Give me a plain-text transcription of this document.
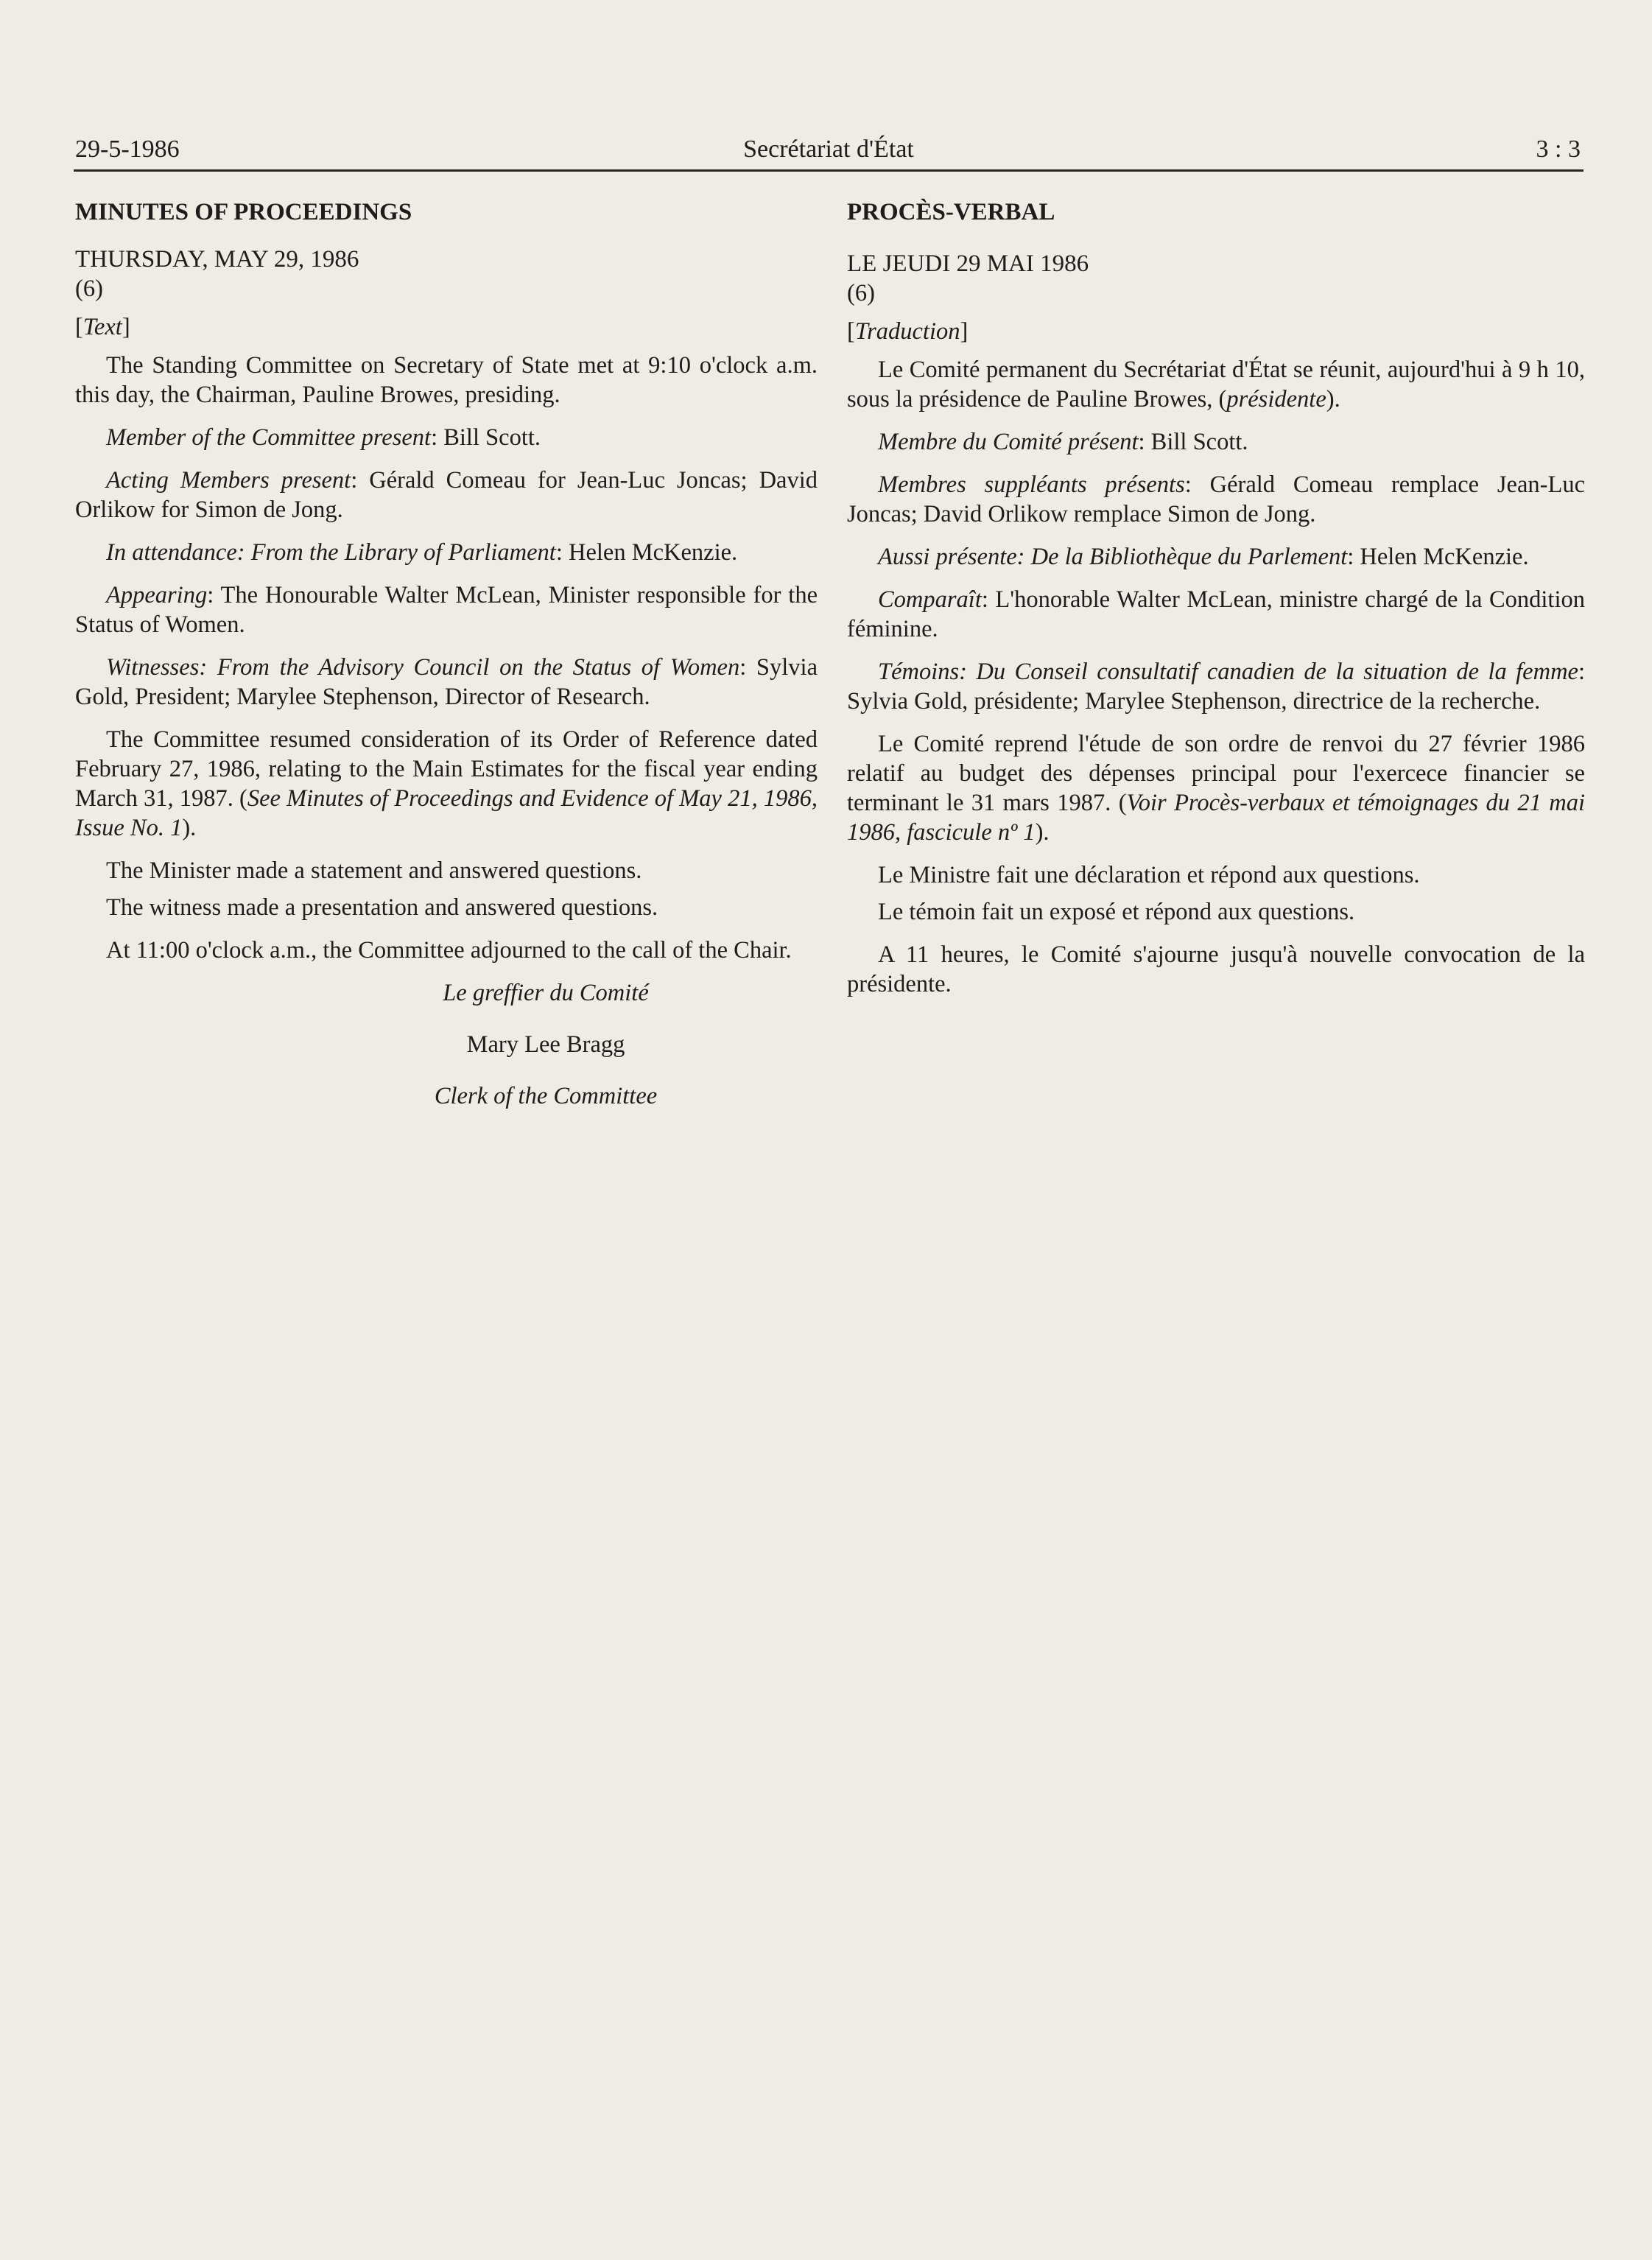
29-5-1986	Secrétariat d'État	3 : 3

MINUTES OF PROCEEDINGS

THURSDAY, MAY 29, 1986

(6)

[Text]

The Standing Committee on Secretary of State met at 9:10 o'clock a.m. this day, the Chairman, Pauline Browes, presiding.

Member of the Committee present: Bill Scott.

Acting Members present: Gérald Comeau for Jean-Luc Joncas; David Orlikow for Simon de Jong.

In attendance: From the Library of Parliament: Helen McKenzie.

Appearing: The Honourable Walter McLean, Minister responsible for the Status of Women.

Witnesses: From the Advisory Council on the Status of Women: Sylvia Gold, President; Marylee Stephenson, Director of Research.

The Committee resumed consideration of its Order of Reference dated February 27, 1986, relating to the Main Estimates for the fiscal year ending March 31, 1987. (See Minutes of Proceedings and Evidence of May 21, 1986, Issue No. 1).

The Minister made a statement and answered questions.

The witness made a presentation and answered questions.

At 11:00 o'clock a.m., the Committee adjourned to the call of the Chair.

Le greffier du Comité

Mary Lee Bragg

Clerk of the Committee

PROCÈS-VERBAL

LE JEUDI 29 MAI 1986

(6)

[Traduction]

Le Comité permanent du Secrétariat d'État se réunit, aujourd'hui à 9 h 10, sous la présidence de Pauline Browes, (présidente).

Membre du Comité présent: Bill Scott.

Membres suppléants présents: Gérald Comeau remplace Jean-Luc Joncas; David Orlikow remplace Simon de Jong.

Aussi présente: De la Bibliothèque du Parlement: Helen McKenzie.

Comparaît: L'honorable Walter McLean, ministre chargé de la Condition féminine.

Témoins: Du Conseil consultatif canadien de la situation de la femme: Sylvia Gold, présidente; Marylee Stephenson, directrice de la recherche.

Le Comité reprend l'étude de son ordre de renvoi du 27 février 1986 relatif au budget des dépenses principal pour l'exercece financier se terminant le 31 mars 1987. (Voir Procès-verbaux et témoignages du 21 mai 1986, fascicule nº 1).

Le Ministre fait une déclaration et répond aux questions.

Le témoin fait un exposé et répond aux questions.

A 11 heures, le Comité s'ajourne jusqu'à nouvelle convocation de la présidente.
